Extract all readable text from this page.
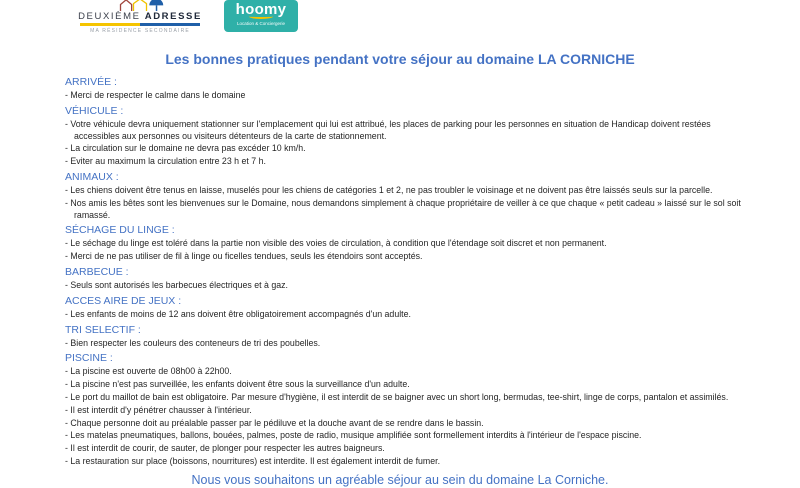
DEUXIÈME ADRESSE
MA RÉSIDENCE SECONDAIRE
hoomy
Location & Conciergerie
Les bonnes pratiques pendant votre séjour au domaine LA CORNICHE
ARRIVÉE :

- Merci de respecter le calme dans le domaine

VÉHICULE :

- Votre véhicule devra uniquement stationner sur l'emplacement qui lui est attribué, les places de parking pour les personnes en situation de Handicap doivent restées accessibles aux personnes ou visiteurs détenteurs de la carte de stationnement.

- La circulation sur le domaine ne devra pas excéder 10 km/h.

- Eviter au maximum la circulation entre 23 h et 7 h.

ANIMAUX :

- Les chiens doivent être tenus en laisse, muselés pour les chiens de catégories 1 et 2, ne pas troubler le voisinage et ne doivent pas être laissés seuls sur la parcelle.

- Nos amis les bêtes sont les bienvenues sur le Domaine, nous demandons simplement à chaque propriétaire de veiller à ce que chaque « petit cadeau » laissé sur le sol soit ramassé.

SÉCHAGE DU LINGE :

- Le séchage du linge est toléré dans la partie non visible des voies de circulation, à condition que l'étendage soit discret et non permanent.

- Merci de ne pas utiliser de fil à linge ou ficelles tendues, seuls les étendoirs sont acceptés.

BARBECUE :

- Seuls sont autorisés les barbecues électriques et à gaz.

ACCES AIRE DE JEUX :

- Les enfants de moins de 12 ans doivent être obligatoirement accompagnés d'un adulte.

TRI SELECTIF :

- Bien respecter les couleurs des conteneurs de tri des poubelles.

PISCINE :

- La piscine est ouverte de 08h00 à 22h00.

- La piscine n'est pas surveillée, les enfants doivent être sous la surveillance d'un adulte.

- Le port du maillot de bain est obligatoire. Par mesure d'hygiène, il est interdit de se baigner avec un short long, bermudas, tee-shirt, linge de corps, pantalon et assimilés.

- Il est interdit d'y pénétrer chausser à l'intérieur.

- Chaque personne doit au préalable passer par le pédiluve et la douche avant de se rendre dans le bassin.

- Les matelas pneumatiques, ballons, bouées, palmes, poste de radio, musique amplifiée sont formellement interdits à l'intérieur de l'espace piscine.

- Il est interdit de courir, de sauter, de plonger pour respecter les autres baigneurs.

- La restauration sur place (boissons, nourritures) est interdite. Il est également interdit de fumer.

Nous vous souhaitons un agréable séjour au sein du domaine La Corniche.
